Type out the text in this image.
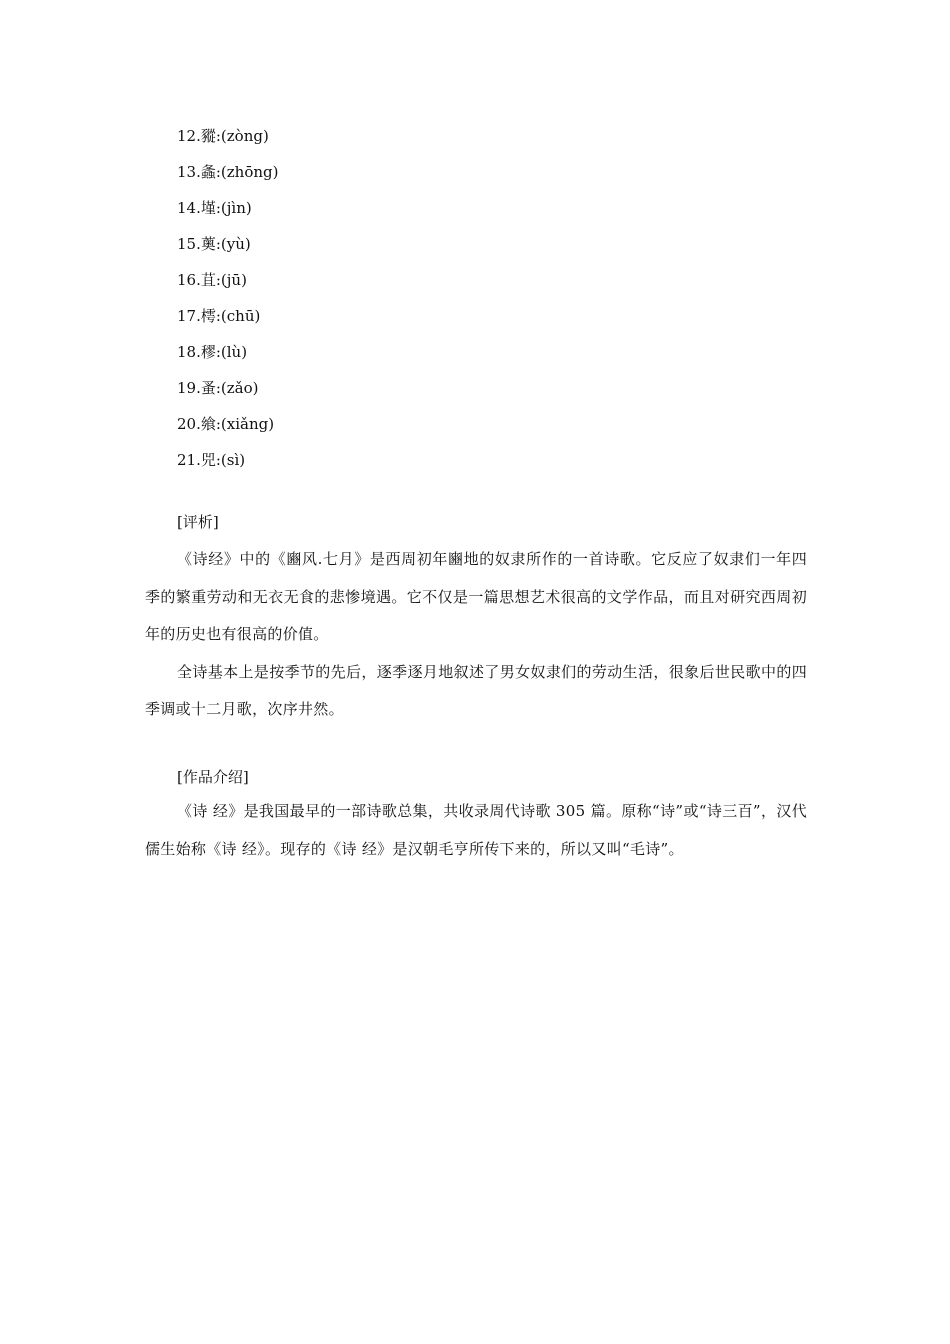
12.豵:(zòng)
13.螽:(zhōng)
14.墐:(jìn)
15.薁:(yù)
16.苴:(jū)
17.樗:(chū)
18.穋:(lù)
19.蚤:(zǎo)
20.飨:(xiǎng)
21.兕:(sì)
[评析]

《诗经》中的《豳风.七月》是西周初年豳地的奴隶所作的一首诗歌。它反应了奴隶们一年四季的繁重劳动和无衣无食的悲惨境遇。它不仅是一篇思想艺术很高的文学作品，而且对研究西周初年的历史也有很高的价值。

全诗基本上是按季节的先后，逐季逐月地叙述了男女奴隶们的劳动生活，很象后世民歌中的四季调或十二月歌，次序井然。

[作品介绍]

《诗 经》是我国最早的一部诗歌总集，共收录周代诗歌 305 篇。原称“诗”或“诗三百”，汉代儒生始称《诗 经》。现存的《诗 经》是汉朝毛亨所传下来的，所以又叫“毛诗”。
